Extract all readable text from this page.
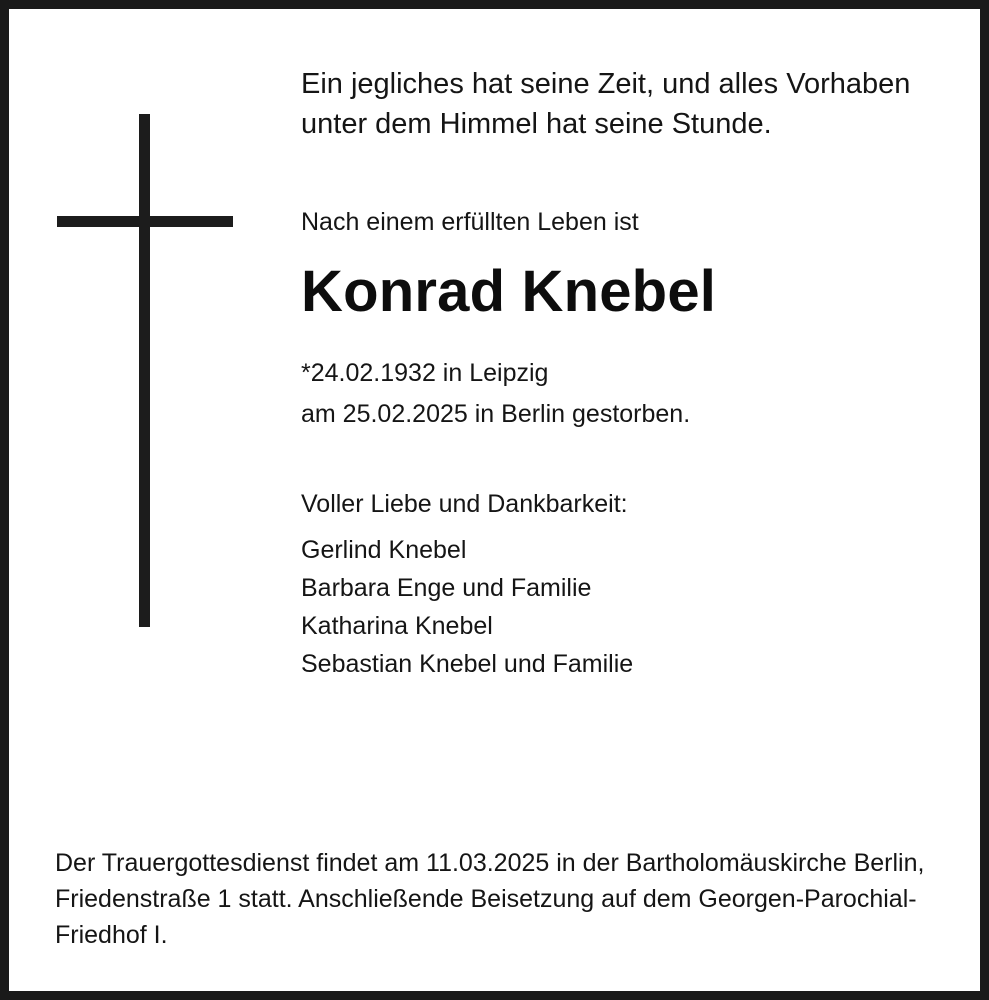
Ein jegliches hat seine Zeit, und alles Vorhaben unter dem Himmel hat seine Stunde.

Nach einem erfüllten Leben ist

Konrad Knebel
*24.02.1932 in Leipzig
am 25.02.2025 in Berlin gestorben.

Voller Liebe und Dankbarkeit:

Gerlind Knebel
Barbara Enge und Familie
Katharina Knebel
Sebastian Knebel und Familie
Der Trauergottesdienst findet am 11.03.2025 in der Bartholomäuskirche Berlin, Friedenstraße 1 statt. Anschließende Beisetzung auf dem Georgen-Parochial-Friedhof I.
